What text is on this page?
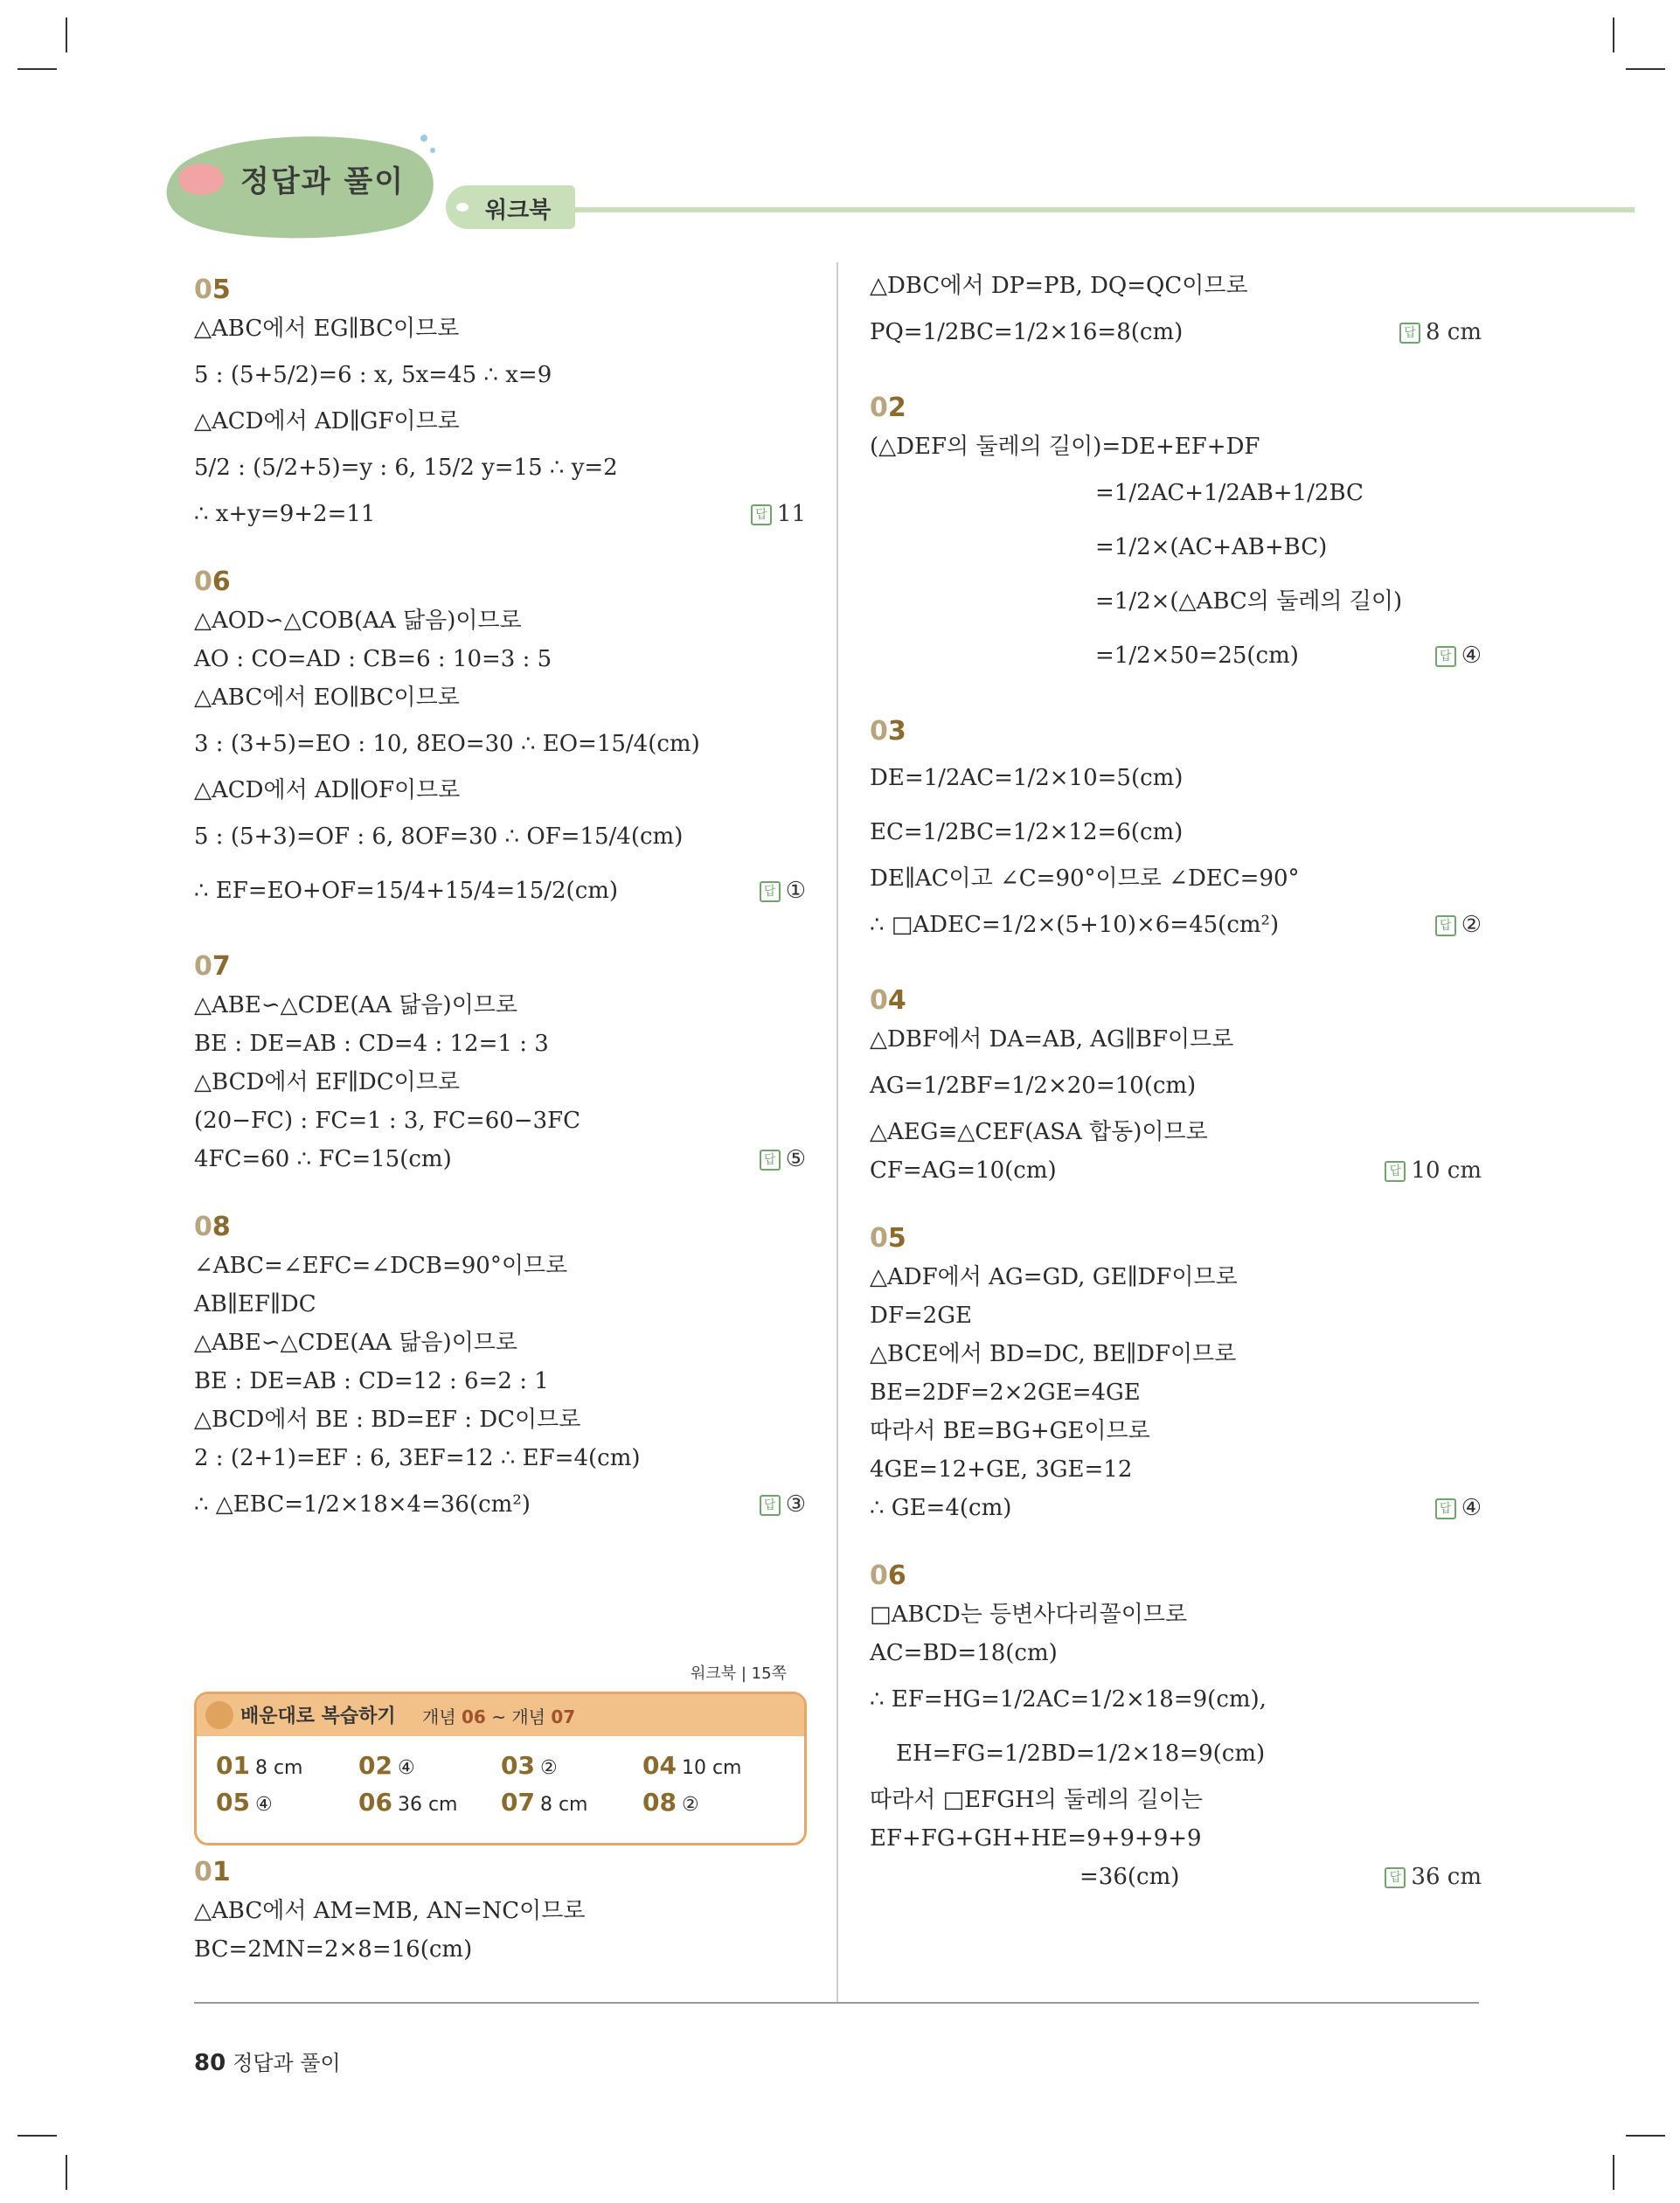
정답과 풀이
워크북
05
△ABC에서 EG∥BC이므로
5 : (5+5/2)=6 : x, 5x=45 ∴ x=9
△ACD에서 AD∥GF이므로
5/2 : (5/2+5)=y : 6, 15/2 y=15 ∴ y=2
∴ x+y=9+2=11	답 11
06
△AOD∽△COB(AA 닮음)이므로
AO : CO=AD : CB=6 : 10=3 : 5
△ABC에서 EO∥BC이므로
3 : (3+5)=EO : 10, 8EO=30 ∴ EO=15/4(cm)
△ACD에서 AD∥OF이므로
5 : (5+3)=OF : 6, 8OF=30 ∴ OF=15/4(cm)
∴ EF=EO+OF=15/4+15/4=15/2(cm)	답 ①
07
△ABE∽△CDE(AA 닮음)이므로
BE : DE=AB : CD=4 : 12=1 : 3
△BCD에서 EF∥DC이므로
(20−FC) : FC=1 : 3, FC=60−3FC
4FC=60 ∴ FC=15(cm)	답 ⑤
08
∠ABC=∠EFC=∠DCB=90°이므로
AB∥EF∥DC
△ABE∽△CDE(AA 닮음)이므로
BE : DE=AB : CD=12 : 6=2 : 1
△BCD에서 BE : BD=EF : DC이므로
2 : (2+1)=EF : 6, 3EF=12 ∴ EF=4(cm)
∴ △EBC=1/2×18×4=36(cm²)	답 ③
워크북 | 15쪽
배운대로 복습하기 개념 06 ~ 개념 07
01 8 cm 02 ④	03 ②	04 10 cm
05 ④	06 36 cm 07 8 cm 08 ②
01
△ABC에서 AM=MB, AN=NC이므로
BC=2MN=2×8=16(cm)
△DBC에서 DP=PB, DQ=QC이므로
PQ=1/2BC=1/2×16=8(cm)	답 8 cm
02
(△DEF의 둘레의 길이)=DE+EF+DF
=1/2AC+1/2AB+1/2BC
=1/2×(AC+AB+BC)
=1/2×(△ABC의 둘레의 길이)
=1/2×50=25(cm)	답 ④
03
DE=1/2AC=1/2×10=5(cm)
EC=1/2BC=1/2×12=6(cm)
DE∥AC이고 ∠C=90°이므로 ∠DEC=90°
∴ □ADEC=1/2×(5+10)×6=45(cm²)	답 ②
04
△DBF에서 DA=AB, AG∥BF이므로
AG=1/2BF=1/2×20=10(cm)
△AEG≡△CEF(ASA 합동)이므로
CF=AG=10(cm)	답 10 cm
05
△ADF에서 AG=GD, GE∥DF이므로
DF=2GE
△BCE에서 BD=DC, BE∥DF이므로
BE=2DF=2×2GE=4GE
따라서 BE=BG+GE이므로
4GE=12+GE, 3GE=12
∴ GE=4(cm)	답 ④
06
□ABCD는 등변사다리꼴이므로
AC=BD=18(cm)
∴ EF=HG=1/2AC=1/2×18=9(cm),
EH=FG=1/2BD=1/2×18=9(cm)
따라서 □EFGH의 둘레의 길이는
EF+FG+GH+HE=9+9+9+9
=36(cm)	답 36 cm
80 정답과 풀이
